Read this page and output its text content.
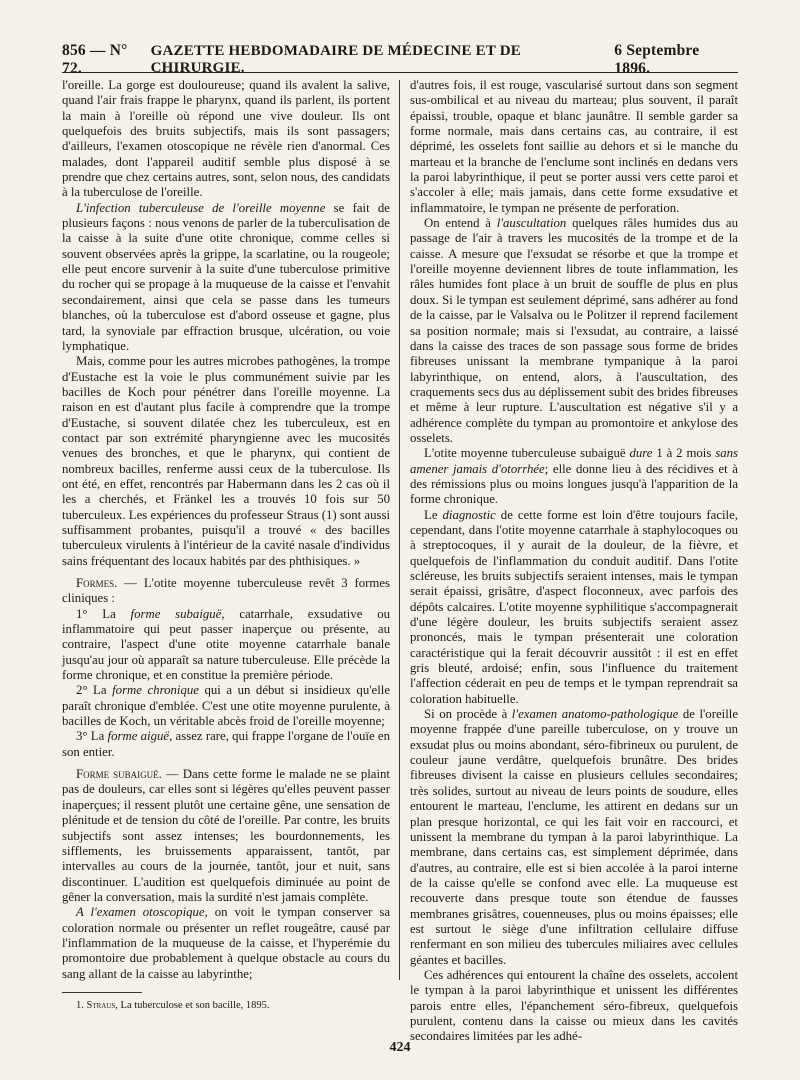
856 — N° 72.
GAZETTE HEBDOMADAIRE DE MÉDECINE ET DE CHIRURGIE.
6 Septembre 1896.

l'oreille. La gorge est douloureuse; quand ils avalent la salive, quand l'air frais frappe le pharynx, quand ils parlent, ils portent la main à l'oreille où répond une vive douleur. Ils ont quelquefois des bruits subjectifs, mais ils sont passagers; d'ailleurs, l'examen otoscopique ne révèle rien d'anormal. Ces malades, dont l'appareil auditif semble plus disposé à se prendre que chez certains autres, sont, selon nous, des candidats à la tuberculose de l'oreille.

L'infection tuberculeuse de l'oreille moyenne se fait de plusieurs façons : nous venons de parler de la tuberculisation de la caisse à la suite d'une otite chronique, comme celles si souvent observées après la grippe, la scarlatine, ou la rougeole; elle peut encore survenir à la suite d'une tuberculose primitive du rocher qui se propage à la muqueuse de la caisse et l'envahit secondairement, ainsi que cela se passe dans les tumeurs blanches, où la tuberculose est d'abord osseuse et gagne, plus tard, la synoviale par effraction brusque, ulcération, ou voie lymphatique.

Mais, comme pour les autres microbes pathogènes, la trompe d'Eustache est la voie le plus communément suivie par les bacilles de Koch pour pénétrer dans l'oreille moyenne. La raison en est d'autant plus facile à comprendre que la trompe d'Eustache, si souvent dilatée chez les tuberculeux, est en contact par son extrémité pharyngienne avec les mucosités venues des bronches, et que le pharynx, qui contient de nombreux bacilles, renferme aussi ceux de la tuberculose. Ils ont été, en effet, rencontrés par Habermann dans les 2 cas où il les a cherchés, et Fränkel les a trouvés 10 fois sur 50 tuberculeux. Les expériences du professeur Straus (1) sont aussi suffisamment probantes, puisqu'il a trouvé « des bacilles tuberculeux virulents à l'intérieur de la cavité nasale d'individus sains fréquentant des locaux habités par des phthisiques. »

Formes. — L'otite moyenne tuberculeuse revêt 3 formes cliniques :

1° La forme subaiguë, catarrhale, exsudative ou inflammatoire qui peut passer inaperçue ou présente, au contraire, l'aspect d'une otite moyenne catarrhale banale jusqu'au jour où apparaît sa nature tuberculeuse. Elle précède la forme chronique, et en constitue la première période.

2° La forme chronique qui a un début si insidieux qu'elle paraît chronique d'emblée. C'est une otite moyenne purulente, à bacilles de Koch, un véritable abcès froid de l'oreille moyenne;

3° La forme aiguë, assez rare, qui frappe l'organe de l'ouïe en son entier.

Forme subaiguë. — Dans cette forme le malade ne se plaint pas de douleurs, car elles sont si légères qu'elles peuvent passer inaperçues; il ressent plutôt une certaine gêne, une sensation de plénitude et de tension du côté de l'oreille. Par contre, les bruits subjectifs sont assez intenses; les bourdonnements, les sifflements, les bruissements apparaissent, tantôt, par intervalles au cours de la journée, tantôt, jour et nuit, sans discontinuer. L'audition est quelquefois diminuée au point de gêner la conversation, mais la surdité n'est jamais complète.

A l'examen otoscopique, on voit le tympan conserver sa coloration normale ou présenter un reflet rougeâtre, causé par l'inflammation de la muqueuse de la caisse, et l'hyperémie du promontoire due probablement à quelque obstacle au cours du sang allant de la caisse au labyrinthe;

1. Straus, La tuberculose et son bacille, 1895.

d'autres fois, il est rouge, vascularisé surtout dans son segment sus-ombilical et au niveau du marteau; plus souvent, il paraît épaissi, trouble, opaque et blanc jaunâtre. Il semble garder sa forme normale, mais dans certains cas, au contraire, il est déprimé, les osselets font saillie au dehors et si le manche du marteau et la branche de l'enclume sont inclinés en dedans vers la paroi labyrinthique, il peut se porter aussi vers cette paroi et s'accoler à elle; mais jamais, dans cette forme exsudative et inflammatoire, le tympan ne présente de perforation.

On entend à l'auscultation quelques râles humides dus au passage de l'air à travers les mucosités de la trompe et de la caisse. A mesure que l'exsudat se résorbe et que la trompe et l'oreille moyenne deviennent libres de toute inflammation, les râles humides font place à un bruit de souffle de plus en plus doux. Si le tympan est seulement déprimé, sans adhérer au fond de la caisse, par le Valsalva ou le Politzer il reprend facilement sa position normale; mais si l'exsudat, au contraire, a laissé dans la caisse des traces de son passage sous forme de brides fibreuses unissant la membrane tympanique à la paroi labyrinthique, on entend, alors, à l'auscultation, des craquements secs dus au déplissement subit des brides fibreuses et même à leur rupture. L'auscultation est négative s'il y a adhérence complète du tympan au promontoire et ankylose des osselets.

L'otite moyenne tuberculeuse subaiguë dure 1 à 2 mois sans amener jamais d'otorrhée; elle donne lieu à des récidives et à des rémissions plus ou moins longues jusqu'à l'apparition de la forme chronique.

Le diagnostic de cette forme est loin d'être toujours facile, cependant, dans l'otite moyenne catarrhale à staphylocoques ou à streptocoques, il y aurait de la douleur, de la fièvre, et quelquefois de l'inflammation du conduit auditif. Dans l'otite scléreuse, les bruits subjectifs seraient intenses, mais le tympan serait épaissi, grisâtre, d'aspect floconneux, avec parfois des dépôts calcaires. L'otite moyenne syphilitique s'accompagnerait d'une légère douleur, les bruits subjectifs seraient assez prononcés, mais le tympan présenterait une coloration caractéristique qui la ferait découvrir aussitôt : il est en effet gris bleuté, ardoisé; enfin, sous l'influence du traitement l'affection céderait en peu de temps et le tympan reprendrait sa coloration habituelle.

Si on procède à l'examen anatomo-pathologique de l'oreille moyenne frappée d'une pareille tuberculose, on y trouve un exsudat plus ou moins abondant, séro-fibrineux ou purulent, de couleur jaune verdâtre, quelquefois brunâtre. Des brides fibreuses divisent la caisse en plusieurs cellules secondaires; très solides, surtout au niveau de leurs points de soudure, elles entourent le marteau, l'enclume, les attirent en dedans sur un plan presque horizontal, ce qui les fait voir en raccourci, et unissent la membrane du tympan à la paroi labyrinthique. La membrane, dans certains cas, est simplement déprimée, dans d'autres, au contraire, elle est si bien accolée à la paroi interne de la caisse qu'elle se confond avec elle. La muqueuse est recouverte dans presque toute son étendue de fausses membranes grisâtres, couenneuses, plus ou moins épaisses; elle est surtout le siège d'une infiltration cellulaire diffuse renfermant en son milieu des tubercules miliaires avec cellules géantes et bacilles.

Ces adhérences qui entourent la chaîne des osselets, accolent le tympan à la paroi labyrinthique et unissent les différentes parois entre elles, l'épanchement séro-fibreux, quelquefois purulent, contenu dans la caisse ou mieux dans les cavités secondaires limitées par les adhé-

424
